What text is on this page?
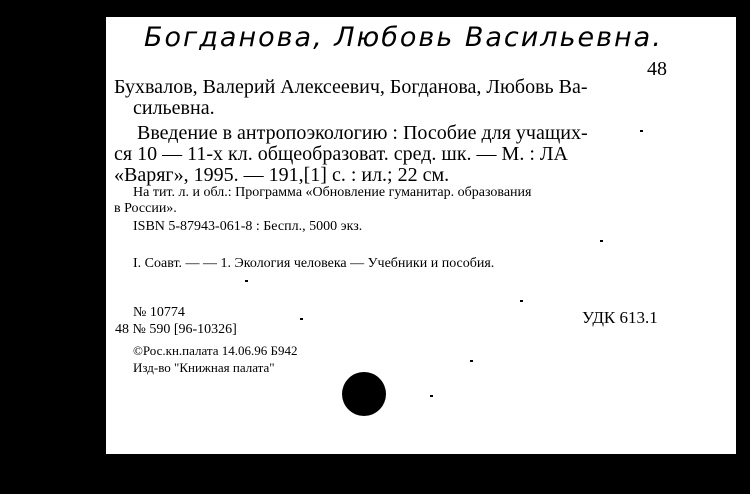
Богданова, Любовь Васильевна.
96-5
1527
48
Бухвалов, Валерий Алексеевич, Богданова, Любовь Ва-
сильевна.
Введение в антропоэкологию : Пособие для учащих-
ся 10 — 11-х кл. общеобразоват. сред. шк. — М. : ЛА
«Варяг», 1995. — 191,[1] с. : ил.; 22 см.
На тит. л. и обл.: Программа «Обновление гуманитар. образования
в России».
ISBN 5-87943-061-8 : Беспл., 5000 экз.
I. Соавт. — — 1. Экология человека — Учебники и пособия.
№ 10774	УДК 613.1
48 № 590 [96-10326]
©Рос.кн.палата 14.06.96 Б942
Изд-во "Книжная палата"
